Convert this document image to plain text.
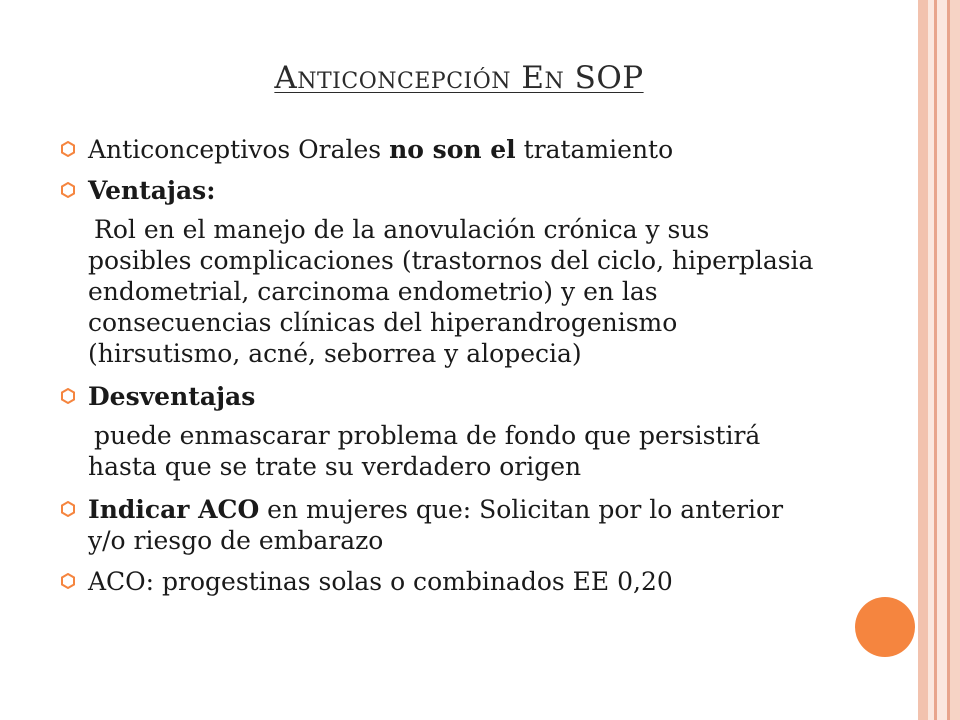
Anticoncepción En SOP
Anticonceptivos Orales no son el tratamiento
Ventajas:
Rol en el manejo de la anovulación crónica y sus posibles complicaciones (trastornos del ciclo, hiperplasia endometrial, carcinoma endometrio) y en las consecuencias clínicas del hiperandrogenismo (hirsutismo, acné, seborrea y alopecia)
Desventajas
puede enmascarar problema de fondo que persistirá hasta que se trate su verdadero origen
Indicar ACO en mujeres que: Solicitan por lo anterior y/o riesgo de embarazo
ACO: progestinas solas o combinados EE 0,20
